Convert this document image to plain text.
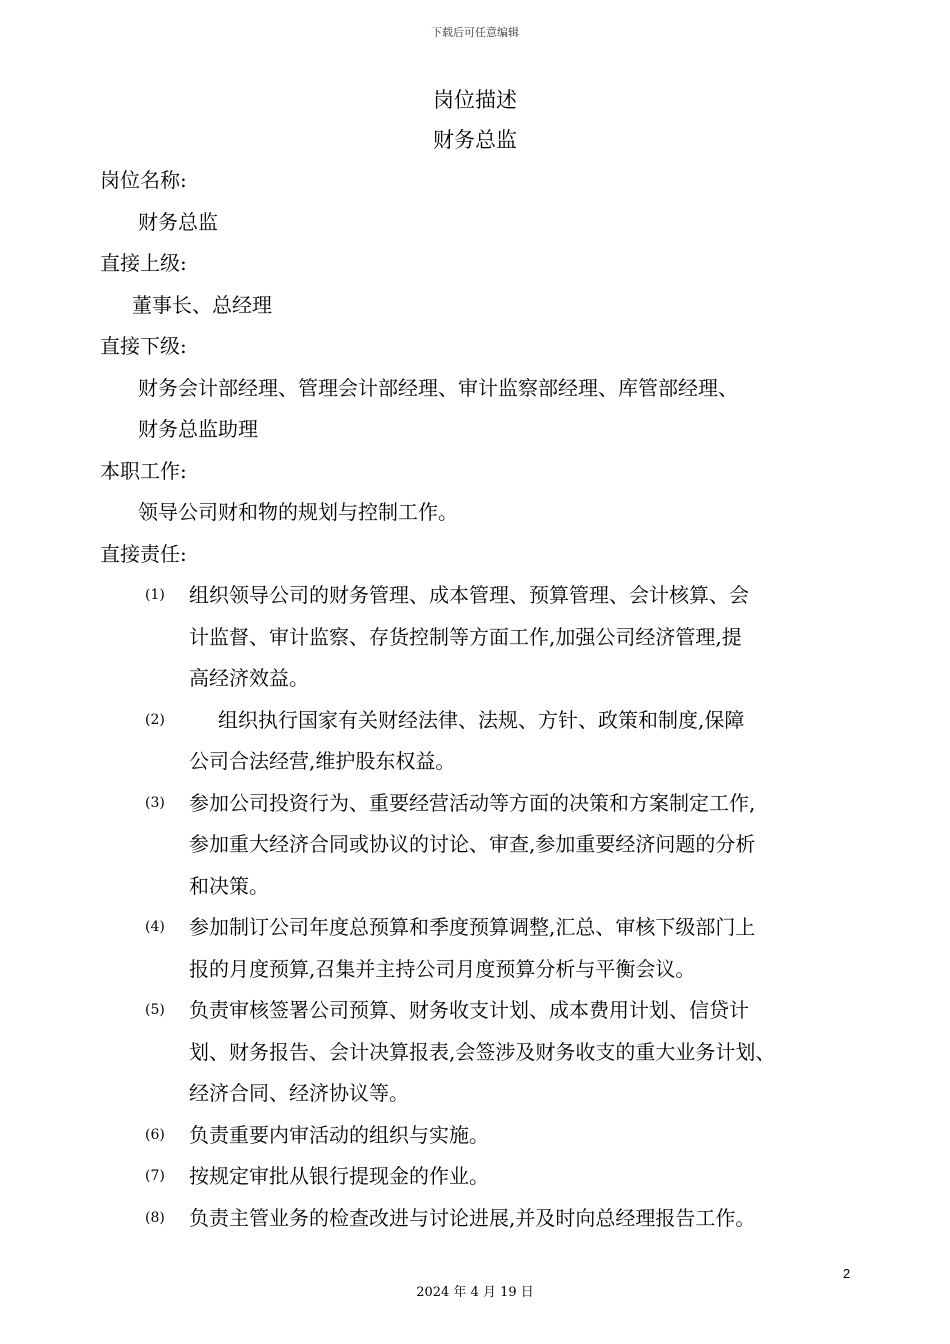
下载后可任意编辑
岗位描述
财务总监
岗位名称:
财务总监
直接上级:
董事长、总经理
直接下级:
财务会计部经理、管理会计部经理、审计监察部经理、库管部经理、
财务总监助理
本职工作:
领导公司财和物的规划与控制工作。
直接责任:
(1)	组织领导公司的财务管理、成本管理、预算管理、会计核算、会
计监督、审计监察、存货控制等方面工作,加强公司经济管理,提
高经济效益。
(2)	组织执行国家有关财经法律、法规、方针、政策和制度,保障
公司合法经营,维护股东权益。
(3)	参加公司投资行为、重要经营活动等方面的决策和方案制定工作,
参加重大经济合同或协议的讨论、审查,参加重要经济问题的分析
和决策。
(4)	参加制订公司年度总预算和季度预算调整,汇总、审核下级部门上
报的月度预算,召集并主持公司月度预算分析与平衡会议。
(5)	负责审核签署公司预算、财务收支计划、成本费用计划、信贷计
划、财务报告、会计决算报表,会签涉及财务收支的重大业务计划、
经济合同、经济协议等。
(6)	负责重要内审活动的组织与实施。
(7)	按规定审批从银行提现金的作业。
(8)	负责主管业务的检查改进与讨论进展,并及时向总经理报告工作。
2
2024 年 4 月 19 日
